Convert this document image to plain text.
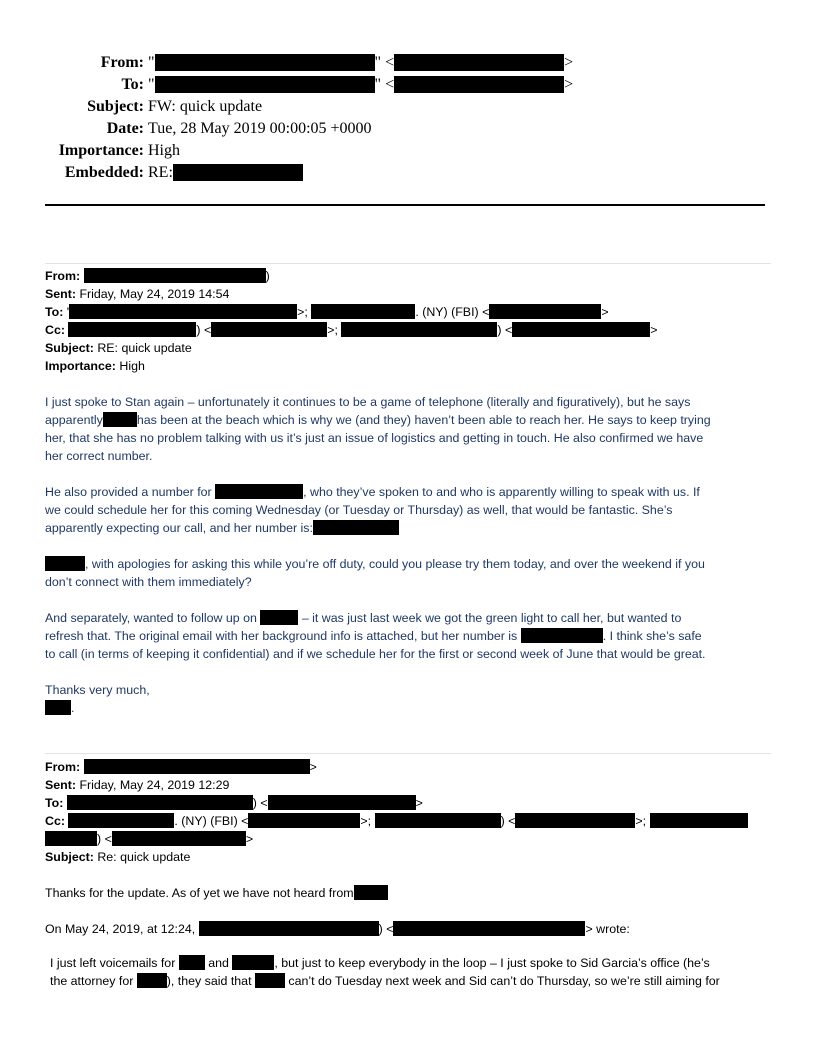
From: "	" <	>
To: "	" <	>
Subject: FW: quick update
Date: Tue, 28 May 2019 00:00:05 +0000
Importance: High
Embedded: RE:
From:	)
Sent: Friday, May 24, 2019 14:54
To: '	>;	. (NY) (FBI) <	>
Cc:	) <	>;	) <	>
Subject: RE: quick update
Importance: High
I just spoke to Stan again – unfortunately it continues to be a game of telephone (literally and figuratively), but he says
apparently	has been at the beach which is why we (and they) haven’t been able to reach her. He says to keep trying
her, that she has no problem talking with us it’s just an issue of logistics and getting in touch. He also confirmed we have
her correct number.
He also provided a number for	, who they’ve spoken to and who is apparently willing to speak with us. If
we could schedule her for this coming Wednesday (or Tuesday or Thursday) as well, that would be fantastic. She’s
apparently expecting our call, and her number is:
, with apologies for asking this while you’re off duty, could you please try them today, and over the weekend if you
don’t connect with them immediately?
And separately, wanted to follow up on	– it was just last week we got the green light to call her, but wanted to
refresh that. The original email with her background info is attached, but her number is	. I think she’s safe
to call (in terms of keeping it confidential) and if we schedule her for the first or second week of June that would be great.
Thanks very much,
.
From:	>
Sent: Friday, May 24, 2019 12:29
To:	) <	>
Cc:	. (NY) (FBI) <	>;	) <	>;
) <	>
Subject: Re: quick update
Thanks for the update. As of yet we have not heard from
On May 24, 2019, at 12:24,	) <	> wrote:
I just left voicemails for	and	, but just to keep everybody in the loop – I just spoke to Sid Garcia’s office (he’s
the attorney for	), they said that	can’t do Tuesday next week and Sid can’t do Thursday, so we’re still aiming for
